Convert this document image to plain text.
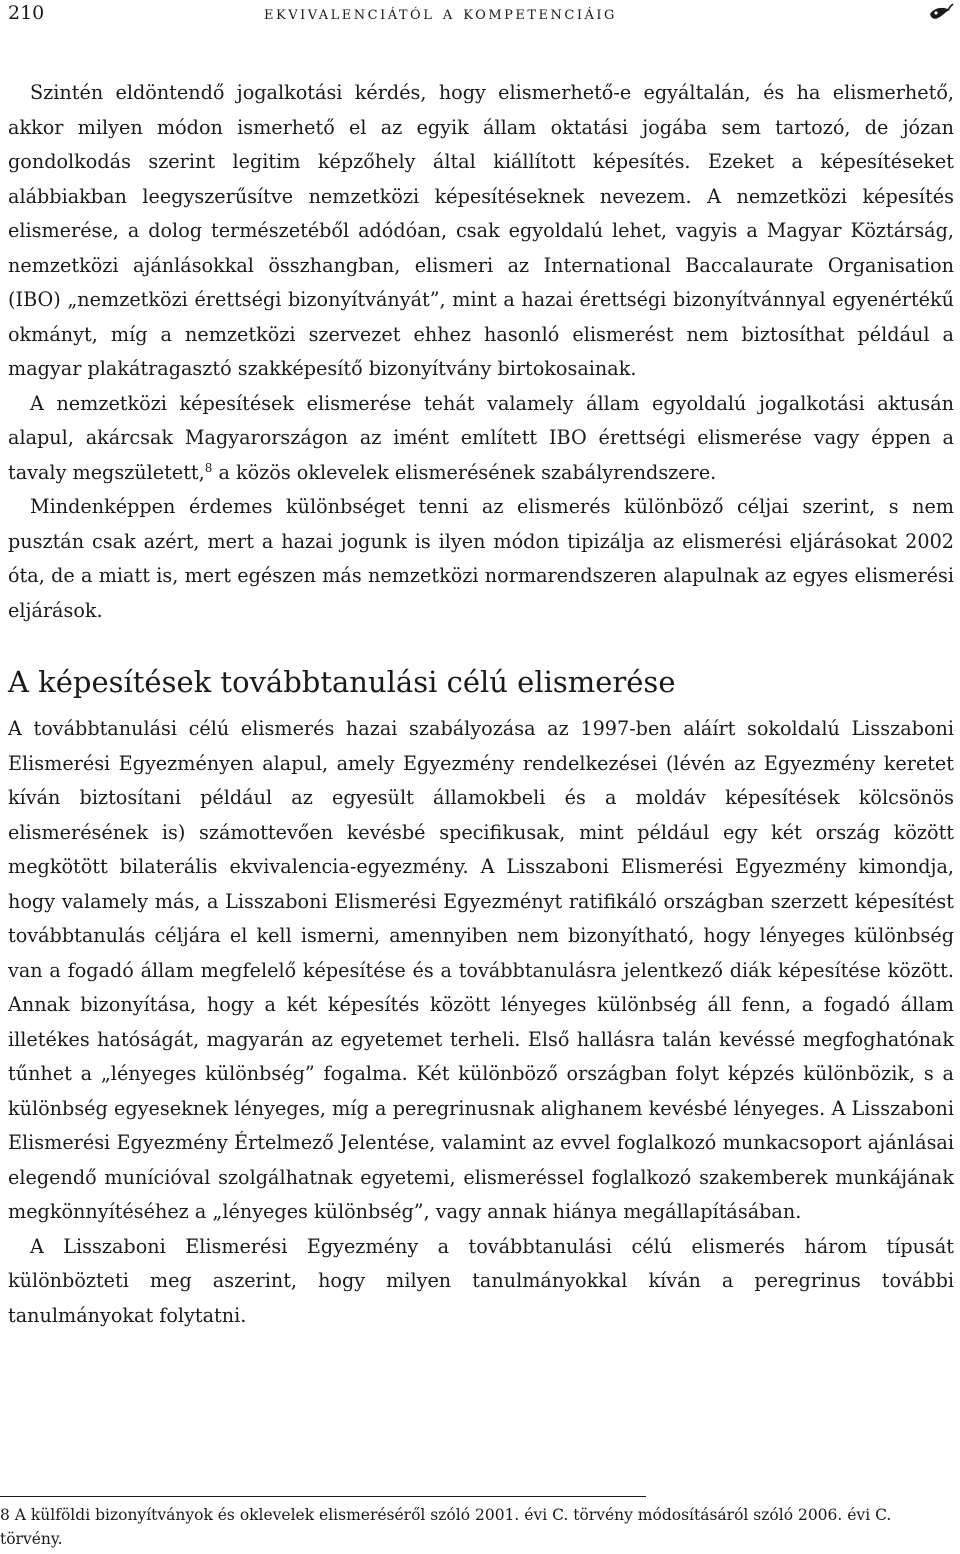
210	ekvivalenciától a kompetenciáig

Szintén eldöntendő jogalkotási kérdés, hogy elismerhető-e egyáltalán, és ha elismerhető, akkor milyen módon ismerhető el az egyik állam oktatási jogába sem tartozó, de józan gondolkodás szerint legitim képzőhely által kiállított képesítés. Ezeket a képesítéseket alábbiakban leegyszerűsítve nemzetközi képesítéseknek nevezem. A nemzetközi képesítés elismerése, a dolog természetéből adódóan, csak egyoldalú lehet, vagyis a Magyar Köztárság, nemzetközi ajánlásokkal összhangban, elismeri az International Baccalaurate Organisation (IBO) „nemzetközi érettségi bizonyítványát”, mint a hazai érettségi bizonyítvánnyal egyenértékű okmányt, míg a nemzetközi szervezet ehhez hasonló elismerést nem biztosíthat például a magyar plakátragasztó szakképesítő bizonyítvány birtokosainak.

A nemzetközi képesítések elismerése tehát valamely állam egyoldalú jogalkotási aktusán alapul, akárcsak Magyarországon az imént említett IBO érettségi elismerése vagy éppen a tavaly megszületett,$^8$ a közös oklevelek elismerésének szabályrendszere.

Mindenképpen érdemes különbséget tenni az elismerés különböző céljai szerint, s nem pusztán csak azért, mert a hazai jogunk is ilyen módon tipizálja az elismerési eljárásokat 2002 óta, de a miatt is, mert egészen más nemzetközi normarendszeren alapulnak az egyes elismerési eljárások.

A képesítések továbbtanulási célú elismerése

A továbbtanulási célú elismerés hazai szabályozása az 1997-ben aláírt sokoldalú Lisszaboni Elismerési Egyezményen alapul, amely Egyezmény rendelkezései (lévén az Egyezmény keretet kíván biztosítani például az egyesült államokbeli és a moldáv képesítések kölcsönös elismerésének is) számottevően kevésbé specifikusak, mint például egy két ország között megkötött bilaterális ekvivalencia-egyezmény. A Lisszaboni Elismerési Egyezmény kimondja, hogy valamely más, a Lisszaboni Elismerési Egyezményt ratifikáló országban szerzett képesítést továbbtanulás céljára el kell ismerni, amennyiben nem bizonyítható, hogy lényeges különbség van a fogadó állam megfelelő képesítése és a továbbtanulásra jelentkező diák képesítése között. Annak bizonyítása, hogy a két képesítés között lényeges különbség áll fenn, a fogadó állam illetékes hatóságát, magyarán az egyetemet terheli. Első hallásra talán kevéssé megfoghatónak tűnhet a „lényeges különbség” fogalma. Két különböző országban folyt képzés különbözik, s a különbség egyeseknek lényeges, míg a peregrinusnak alighanem kevésbé lényeges. A Lisszaboni Elismerési Egyezmény Értelmező Jelentése, valamint az evvel foglalkozó munkacsoport ajánlásai elegendő munícióval szolgálhatnak egyetemi, elismeréssel foglalkozó szakemberek munkájának megkönnyítéséhez a „lényeges különbség”, vagy annak hiánya megállapításában.

A Lisszaboni Elismerési Egyezmény a továbbtanulási célú elismerés három típusát különbözteti meg aszerint, hogy milyen tanulmányokkal kíván a peregrinus további tanulmányokat folytatni.

8 A külföldi bizonyítványok és oklevelek elismeréséről szóló 2001. évi C. törvény módosításáról szóló 2006. évi C. törvény.
